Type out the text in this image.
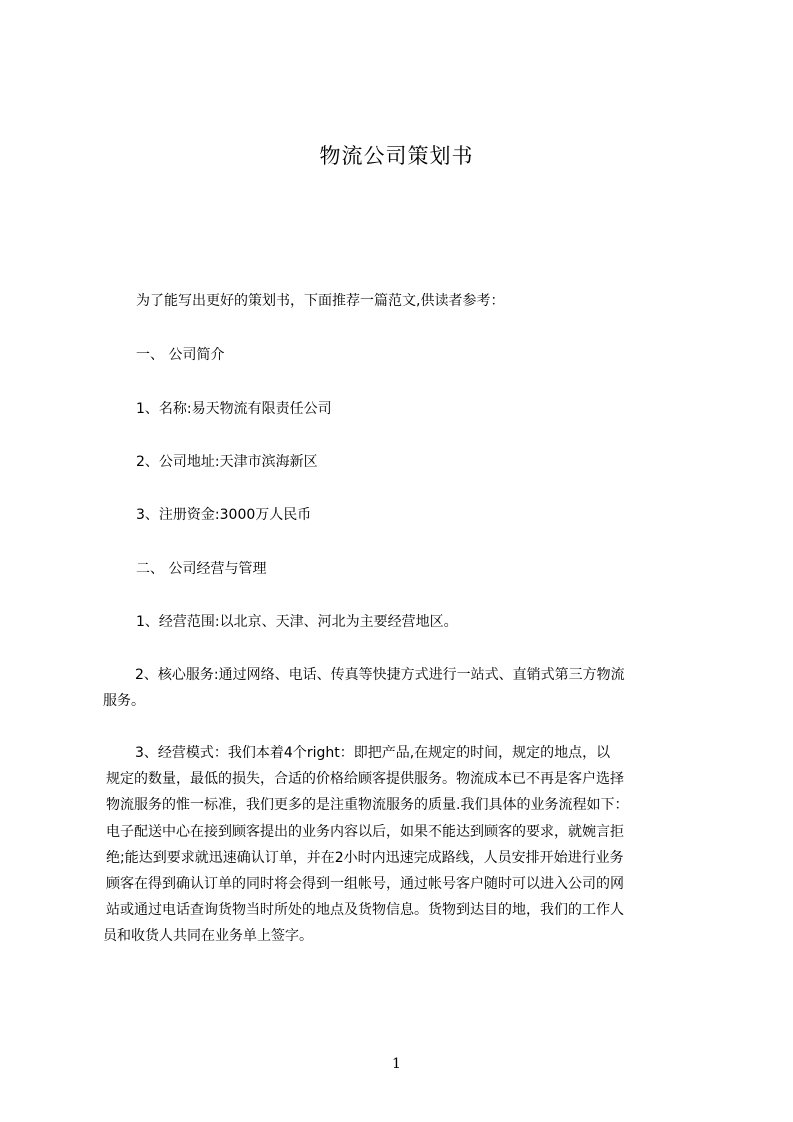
物流公司策划书
为了能写出更好的策划书，下面推荐一篇范文,供读者参考：
一、 公司简介
1、名称:易天物流有限责任公司
2、公司地址:天津市滨海新区
3、注册资金:3000万人民币
二、 公司经营与管理
1、经营范围:以北京、天津、河北为主要经营地区。

2、核心服务:通过网络、电话、传真等快捷方式进行一站式、直销式第三方物流

服务。

3、经营模式：我们本着4个right：即把产品,在规定的时间，规定的地点，以

规定的数量，最低的损失，合适的价格给顾客提供服务。物流成本已不再是客户选择

物流服务的惟一标准，我们更多的是注重物流服务的质量.我们具体的业务流程如下：

电子配送中心在接到顾客提出的业务内容以后，如果不能达到顾客的要求，就婉言拒

绝;能达到要求就迅速确认订单，并在2小时内迅速完成路线，人员安排开始进行业务

顾客在得到确认订单的同时将会得到一组帐号，通过帐号客户随时可以进入公司的网

站或通过电话查询货物当时所处的地点及货物信息。货物到达目的地，我们的工作人

员和收货人共同在业务单上签字。

1
